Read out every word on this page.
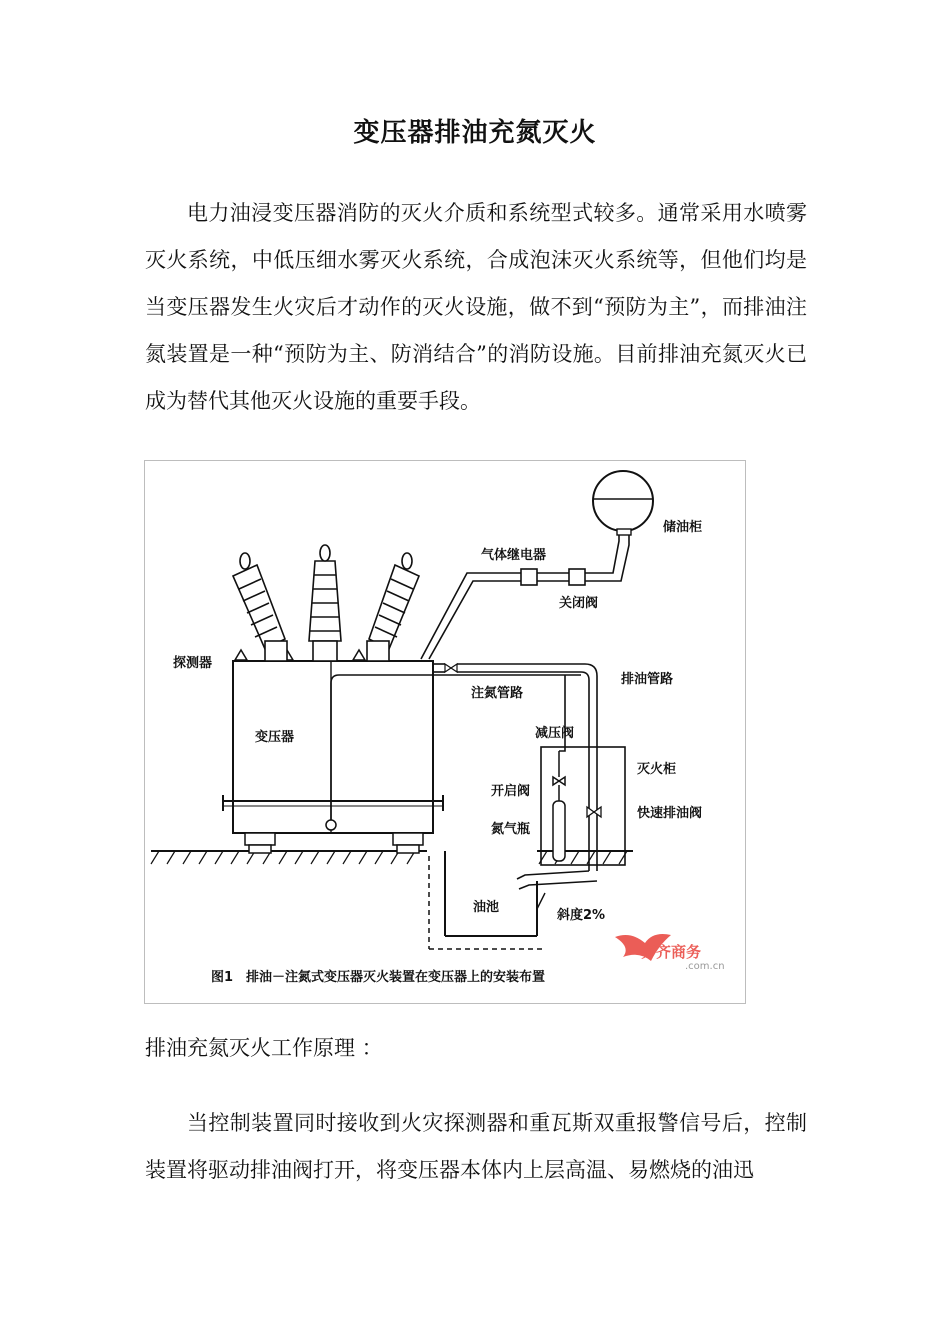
变压器排油充氮灭火
电力油浸变压器消防的灭火介质和系统型式较多。通常采用水喷雾灭火系统，中低压细水雾灭火系统，合成泡沫灭火系统等，但他们均是当变压器发生火灾后才动作的灭火设施，做不到“预防为主”，而排油注氮装置是一种“预防为主、防消结合”的消防设施。目前排油充氮灭火已成为替代其他灭火设施的重要手段。
储油柜
气体继电器
关闭阀
探测器
排油管路
注氮管路
变压器	减压阀
灭火柜
开启阀
快速排油阀
氮气瓶
油池
斜度2%
齐齐商务
.com.cn
图1　排油－注氮式变压器灭火装置在变压器上的安装布置
排油充氮灭火工作原理 ：
当控制装置同时接收到火灾探测器和重瓦斯双重报警信号后，控制装置将驱动排油阀打开，将变压器本体内上层高温、易燃烧的油迅
